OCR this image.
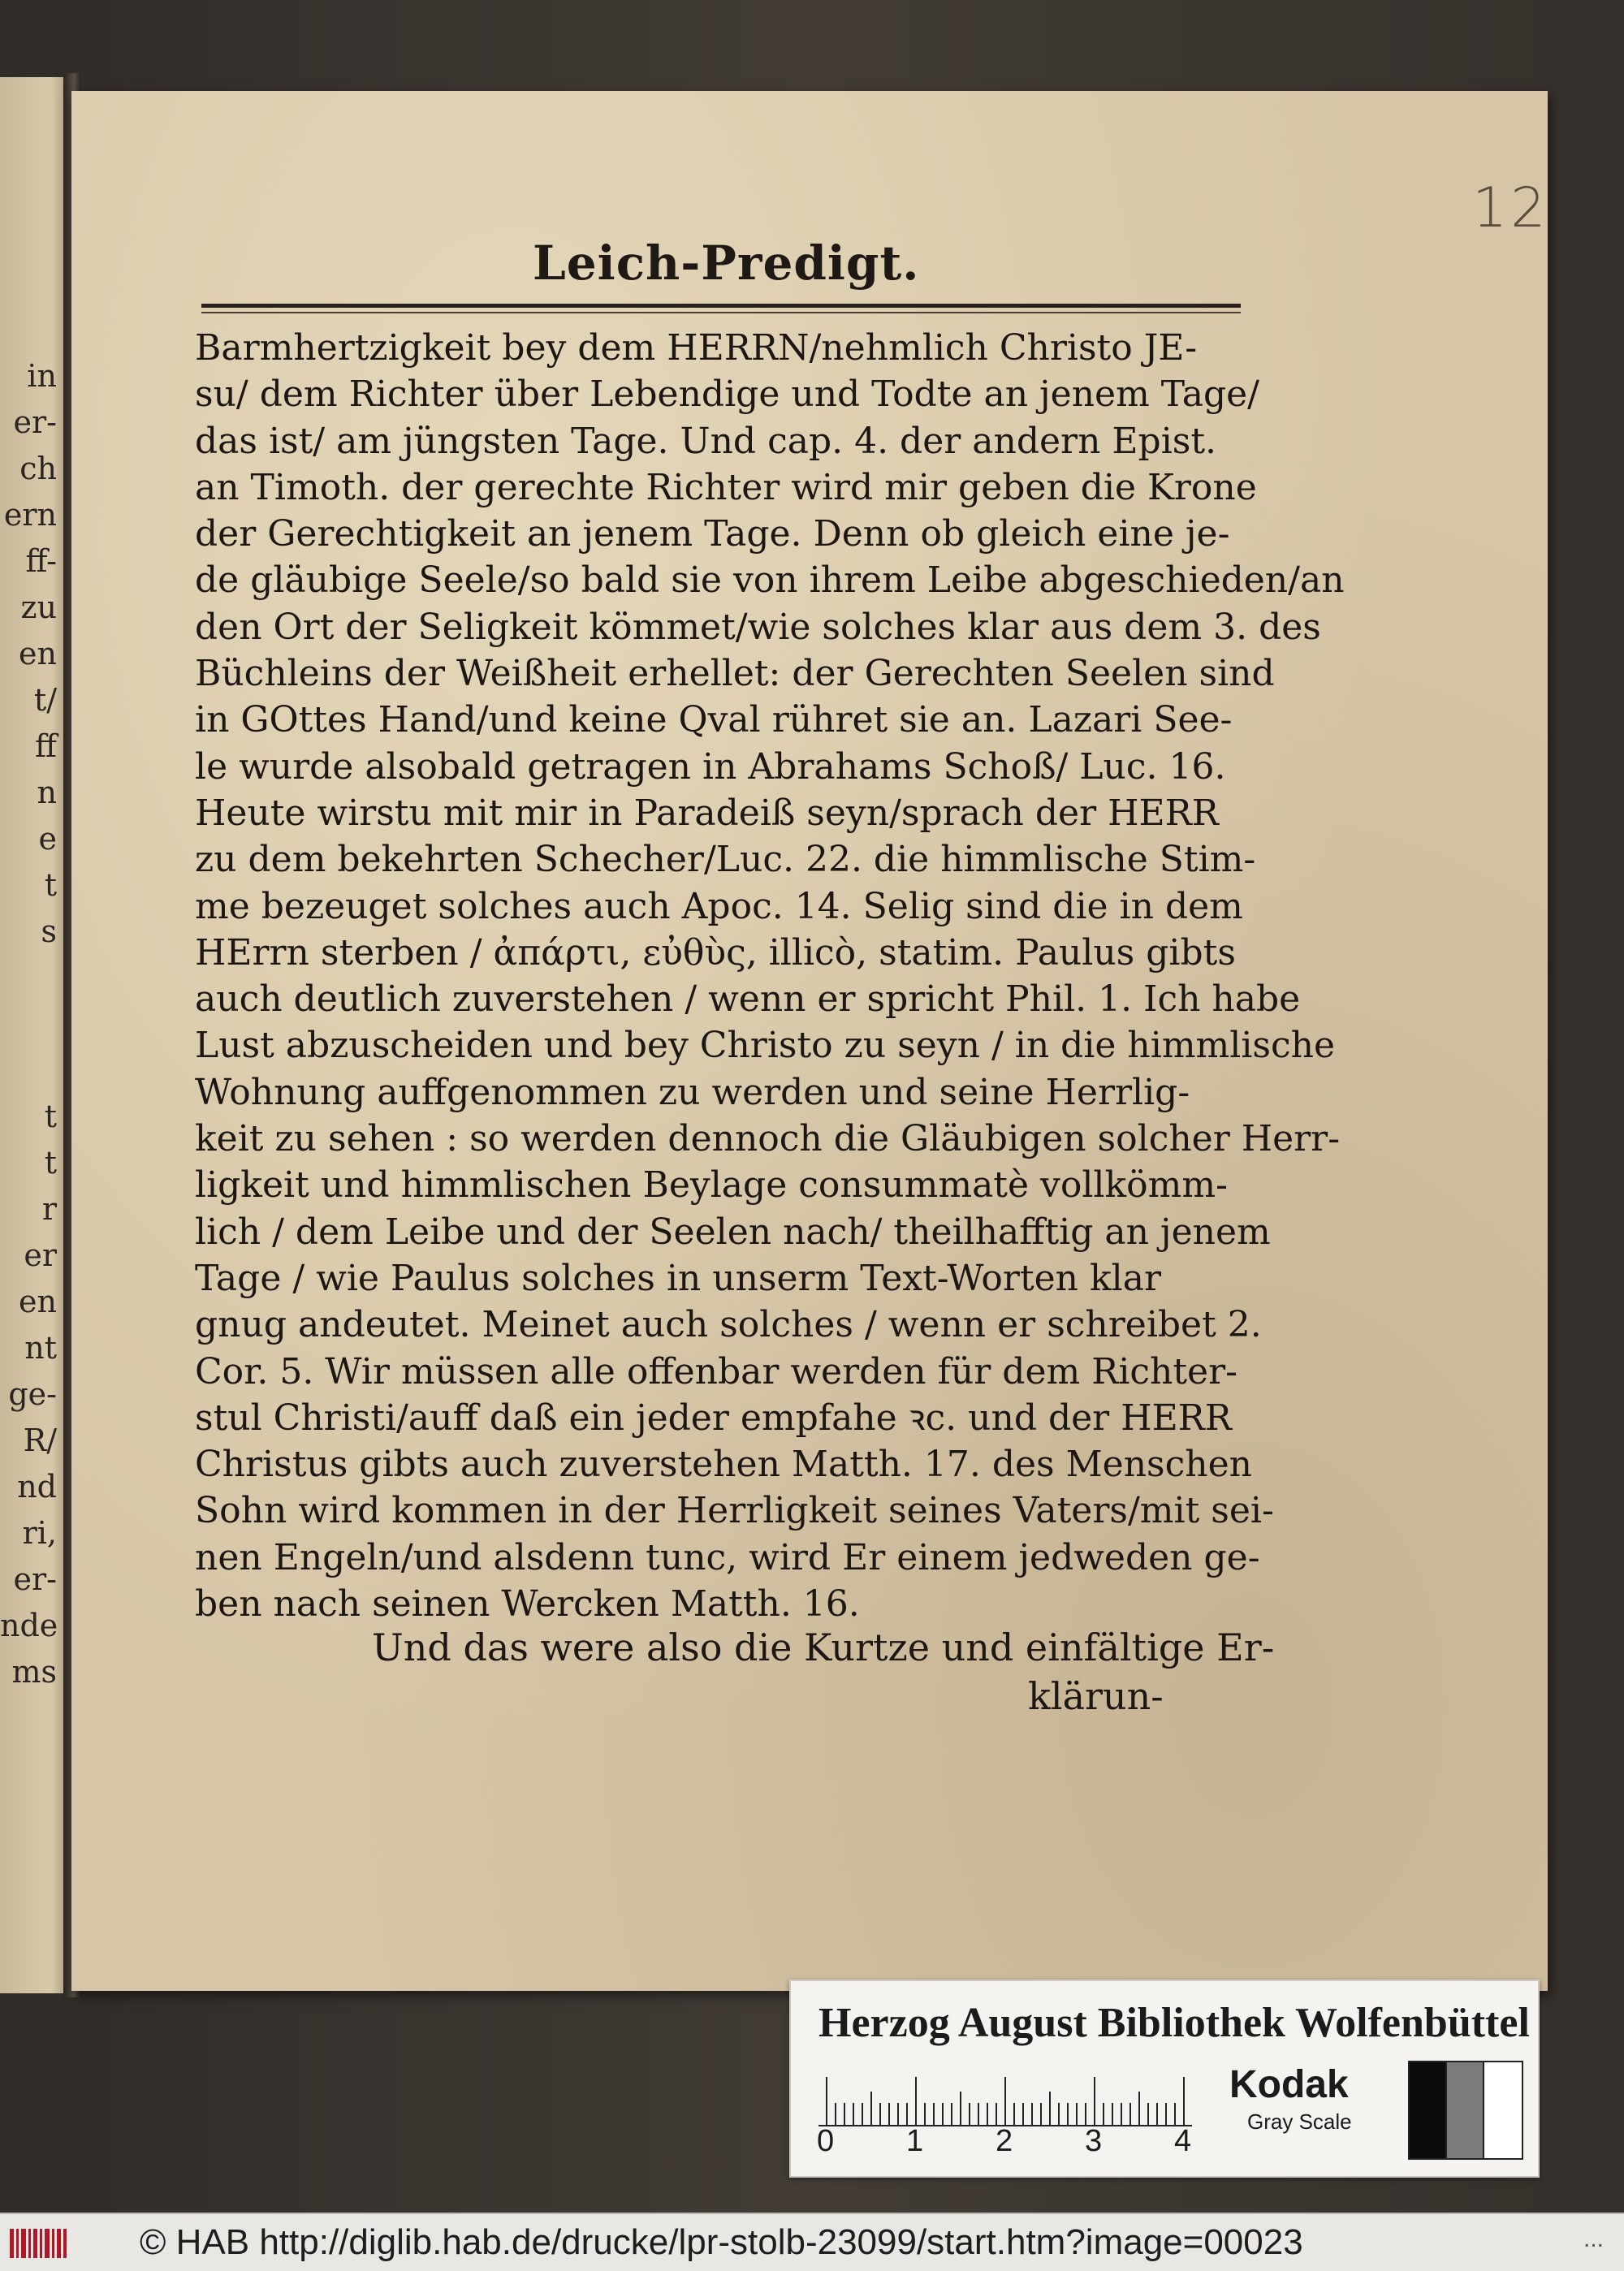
in
er-
ch
ern
ff-
zu
en
t/
ff
n
e
t
s
t
t
r
er
en
nt
ge-
R/
nd
ri,
er-
nde
ms
12
Leich-Predigt.
Barmhertzigkeit bey dem HERRN/nehmlich Christo JE-
su/ dem Richter über Lebendige und Todte an jenem Tage/
das ist/ am jüngsten Tage. Und cap. 4. der andern Epist.
an Timoth. der gerechte Richter wird mir geben die Krone
der Gerechtigkeit an jenem Tage. Denn ob gleich eine je-
de gläubige Seele/so bald sie von ihrem Leibe abgeschieden/an
den Ort der Seligkeit kömmet/wie solches klar aus dem 3. des
Büchleins der Weißheit erhellet: der Gerechten Seelen sind
in GOttes Hand/und keine Qval rühret sie an. Lazari See-
le wurde alsobald getragen in Abrahams Schoß/ Luc. 16.
Heute wirstu mit mir in Paradeiß seyn/sprach der HERR
zu dem bekehrten Schecher/Luc. 22. die himmlische Stim-
me bezeuget solches auch Apoc. 14. Selig sind die in dem
HErrn sterben / ἀπάρτι, εὐθὺς, illicò, statim. Paulus gibts
auch deutlich zuverstehen / wenn er spricht Phil. 1. Ich habe
Lust abzuscheiden und bey Christo zu seyn / in die himmlische
Wohnung auffgenommen zu werden und seine Herrlig-
keit zu sehen : so werden dennoch die Gläubigen solcher Herr-
ligkeit und himmlischen Beylage consummatè vollkömm-
lich / dem Leibe und der Seelen nach/ theilhafftig an jenem
Tage / wie Paulus solches in unserm Text-Worten klar
gnug andeutet. Meinet auch solches / wenn er schreibet 2.
Cor. 5. Wir müssen alle offenbar werden für dem Richter-
stul Christi/auff daß ein jeder empfahe ꝛc. und der HERR
Christus gibts auch zuverstehen Matth. 17. des Menschen
Sohn wird kommen in der Herrligkeit seines Vaters/mit sei-
nen Engeln/und alsdenn tunc, wird Er einem jedweden ge-
ben nach seinen Wercken Matth. 16.
Und das were also die Kurtze und einfältige Er-
klärun-
Herzog August Bibliothek Wolfenbüttel
0 1 2 3 4
Kodak
Gray Scale
© HAB http://diglib.hab.de/drucke/lpr-stolb-23099/start.htm?image=00023	...
